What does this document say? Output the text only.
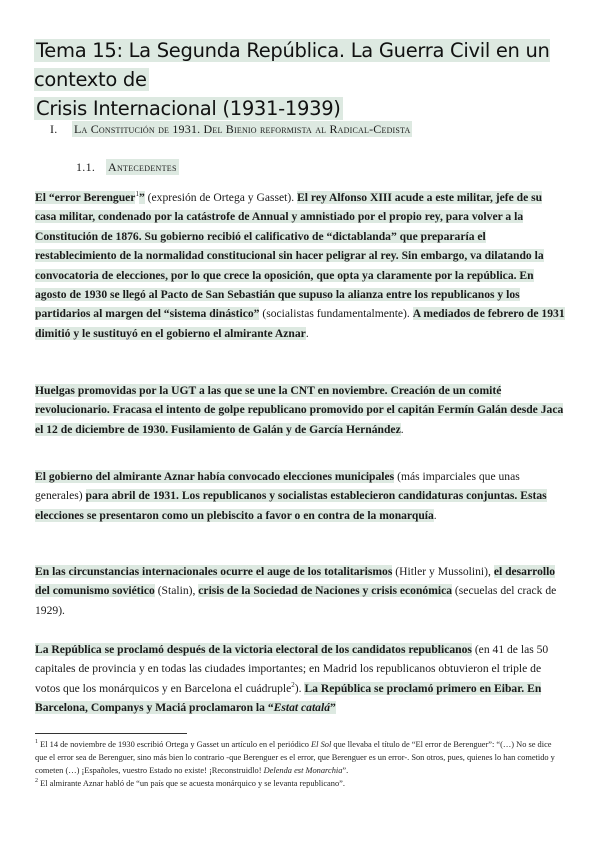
Tema 15: La Segunda República. La Guerra Civil en un contexto de
Crisis Internacional (1931-1939)
I. La Constitución de 1931. Del Bienio reformista al Radical-Cedista
1.1. Antecedentes
El “error Berenguer$^1$” (expresión de Ortega y Gasset). El rey Alfonso XIII acude a este militar, jefe de su casa militar, condenado por la catástrofe de Annual y amnistiado por el propio rey, para volver a la Constitución de 1876. Su gobierno recibió el calificativo de “dictablanda” que prepararía el restablecimiento de la normalidad constitucional sin hacer peligrar al rey. Sin embargo, va dilatando la convocatoria de elecciones, por lo que crece la oposición, que opta ya claramente por la república. En agosto de 1930 se llegó al Pacto de San Sebastián que supuso la alianza entre los republicanos y los partidarios al margen del “sistema dinástico” (socialistas fundamentalmente). A mediados de febrero de 1931 dimitió y le sustituyó en el gobierno el almirante Aznar.
Huelgas promovidas por la UGT a las que se une la CNT en noviembre. Creación de un comité revolucionario. Fracasa el intento de golpe republicano promovido por el capitán Fermín Galán desde Jaca el 12 de diciembre de 1930. Fusilamiento de Galán y de García Hernández.
El gobierno del almirante Aznar había convocado elecciones municipales (más imparciales que unas generales) para abril de 1931. Los republicanos y socialistas establecieron candidaturas conjuntas. Estas elecciones se presentaron como un plebiscito a favor o en contra de la monarquía.
En las circunstancias internacionales ocurre el auge de los totalitarismos (Hitler y Mussolini), el desarrollo del comunismo soviético (Stalin), crisis de la Sociedad de Naciones y crisis económica (secuelas del crack de 1929).
La República se proclamó después de la victoria electoral de los candidatos republicanos (en 41 de las 50 capitales de provincia y en todas las ciudades importantes; en Madrid los republicanos obtuvieron el triple de votos que los monárquicos y en Barcelona el cuádruple$^2$). La República se proclamó primero en Eibar. En Barcelona, Companys y Maciá proclamaron la “Estat catalá”

$^1$ El 14 de noviembre de 1930 escribió Ortega y Gasset un artículo en el periódico El Sol que llevaba el título de “El error de Berenguer”: “(…) No se dice que el error sea de Berenguer, sino más bien lo contrario -que Berenguer es el error, que Berenguer es un error-. Son otros, pues, quienes lo han cometido y cometen (…) ¡Españoles, vuestro Estado no existe! ¡Reconstruidlo! Delenda est Monarchia”.

$^2$ El almirante Aznar habló de “un país que se acuesta monárquico y se levanta republicano”.
